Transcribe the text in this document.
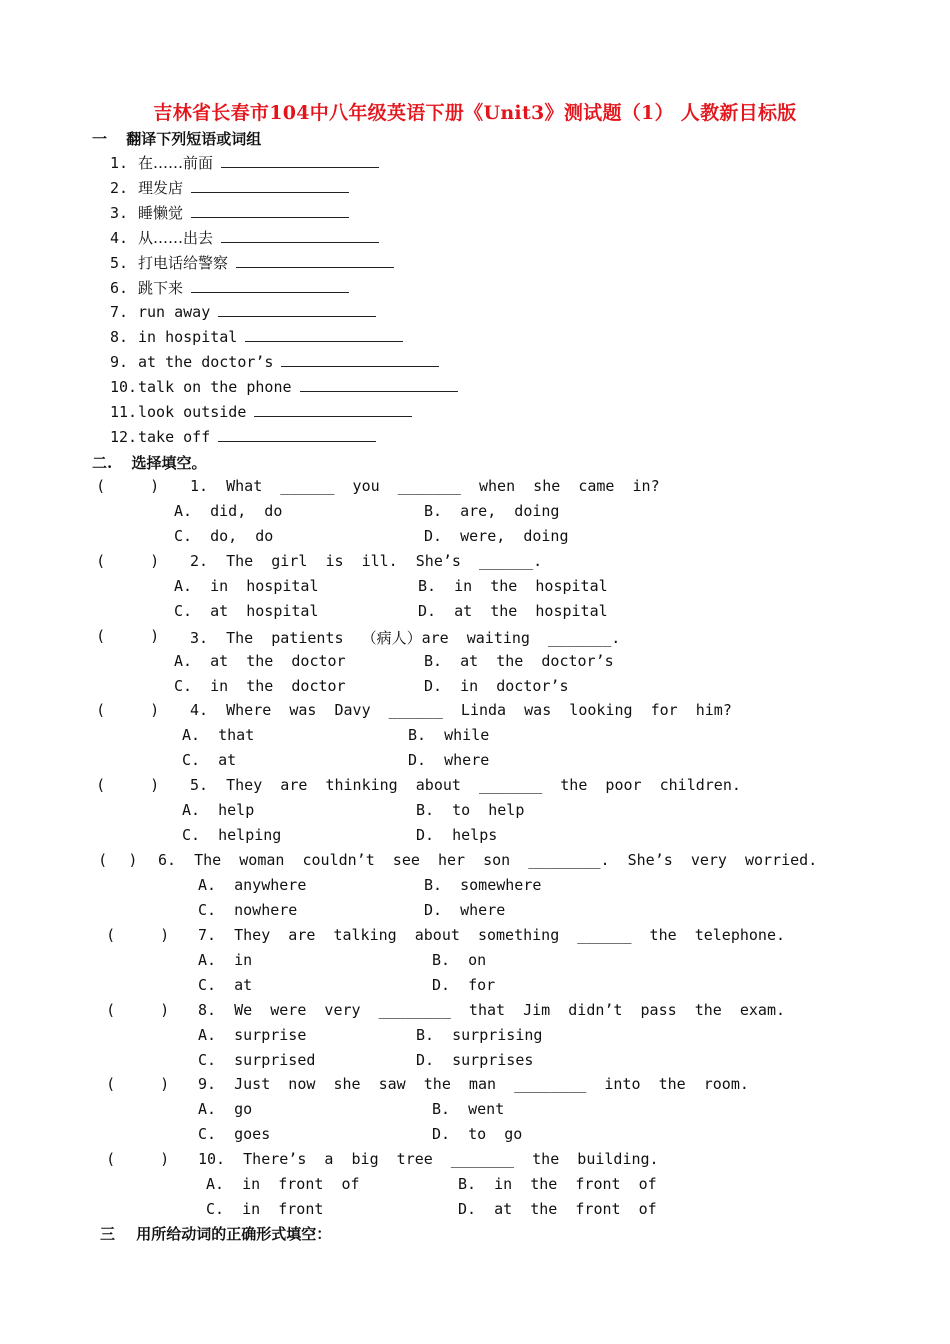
吉林省长春市104中八年级英语下册《Unit3》测试题（1） 人教新目标版
一 翻译下列短语或词组
1. 在……前面
2. 理发店
3. 睡懒觉
4. 从……出去
5. 打电话给警察
6. 跳下来
7. run away
8. in hospital
9. at the doctor’s
10.talk on the phone
11.look outside
12.take off
二. 选择填空。
(          ) 1.  What  ______  you  _______  when  she  came  in?
A.  did,  do	B.  are,  doing
C.  do,  do	D.  were,  doing
(          ) 2.  The  girl  is  ill.  She’s  ______.
A.  in  hospital	B.  in  the  hospital
C.  at  hospital	D.  at  the  hospital
(          ) 3.  The  patients  （病人）are  waiting  _______.
A.  at  the  doctor	B.  at  the  doctor’s
C.  in  the  doctor	D.  in  doctor’s
(          ) 4.  Where  was  Davy  ______  Linda  was  looking  for  him?
A.  that	B.  while
C.  at	D.  where
(          ) 5.  They  are  thinking  about  _______  the  poor  children.
A.  help	B.  to  help
C.  helping	D.  helps
(     ) 6.  The  woman  couldn’t  see  her  son  ________.  She’s  very  worried.
A.  anywhere	B.  somewhere
C.  nowhere	D.  where
(          ) 7.  They  are  talking  about  something  ______  the  telephone.
A.  in	B.  on
C.  at	D.  for
(          ) 8.  We  were  very  ________  that  Jim  didn’t  pass  the  exam.
A.  surprise	B.  surprising
C.  surprised	D.  surprises
(          ) 9.  Just  now  she  saw  the  man  ________  into  the  room.
A.  go	B.  went
C.  goes	D.  to  go
(          ) 10.  There’s  a  big  tree  _______  the  building.
A.  in  front  of	B.  in  the  front  of
C.  in  front	D.  at  the  front  of
三 用所给动词的正确形式填空：
